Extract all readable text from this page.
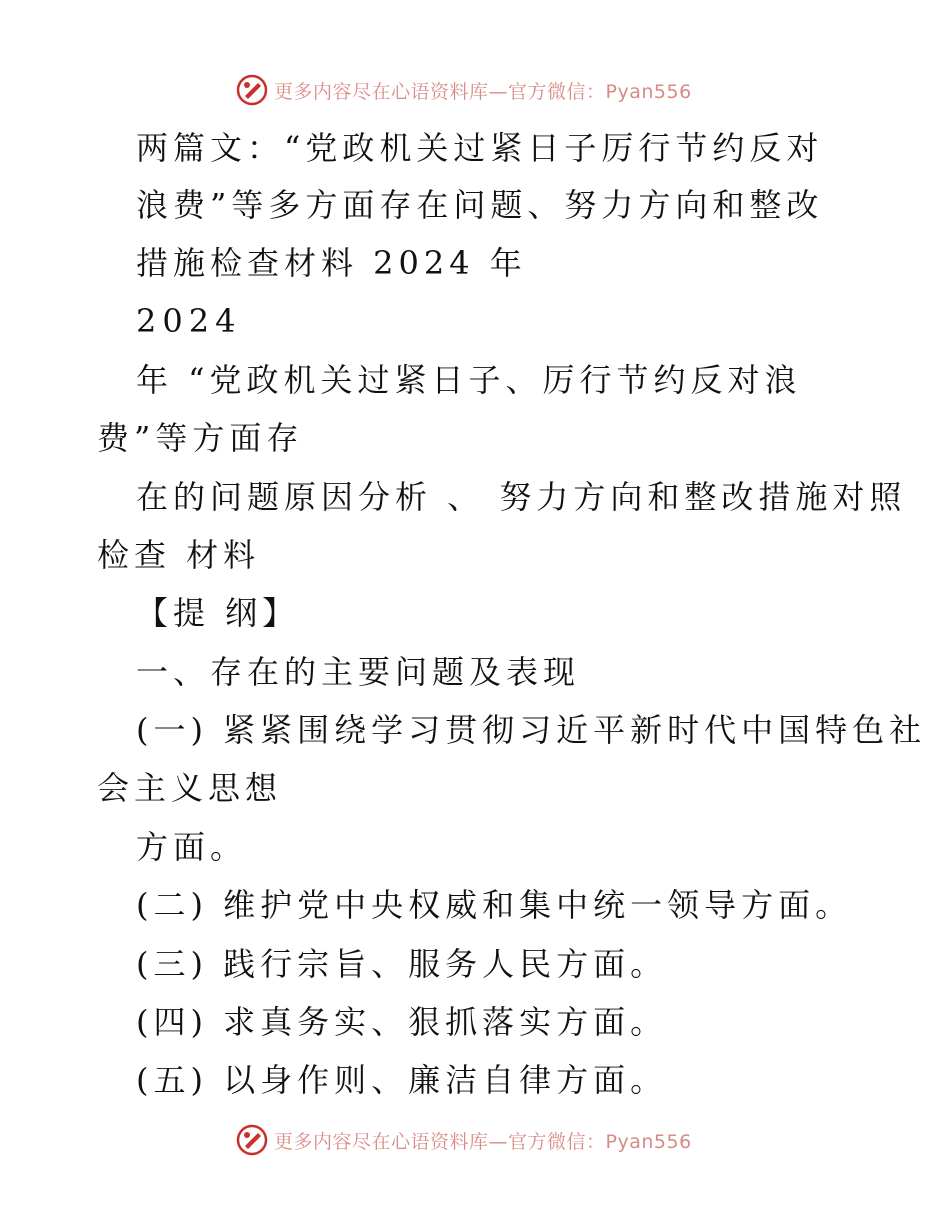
更多内容尽在心语资料库—官方微信：Pyan556
两篇文：“党政机关过紧日子厉行节约反对
浪费”等多方面存在问题、努力方向和整改
措施检查材料 2024 年
2024
年 “党政机关过紧日子、厉行节约反对浪
费”等方面存
在的问题原因分析 、 努力方向和整改措施对照
检查 材料
【提 纲】
一、存在的主要问题及表现
(一) 紧紧围绕学习贯彻习近平新时代中国特色社
会主义思想
方面。
(二) 维护党中央权威和集中统一领导方面。
(三) 践行宗旨、服务人民方面。
(四) 求真务实、狠抓落实方面。
(五) 以身作则、廉洁自律方面。
更多内容尽在心语资料库—官方微信：Pyan556
